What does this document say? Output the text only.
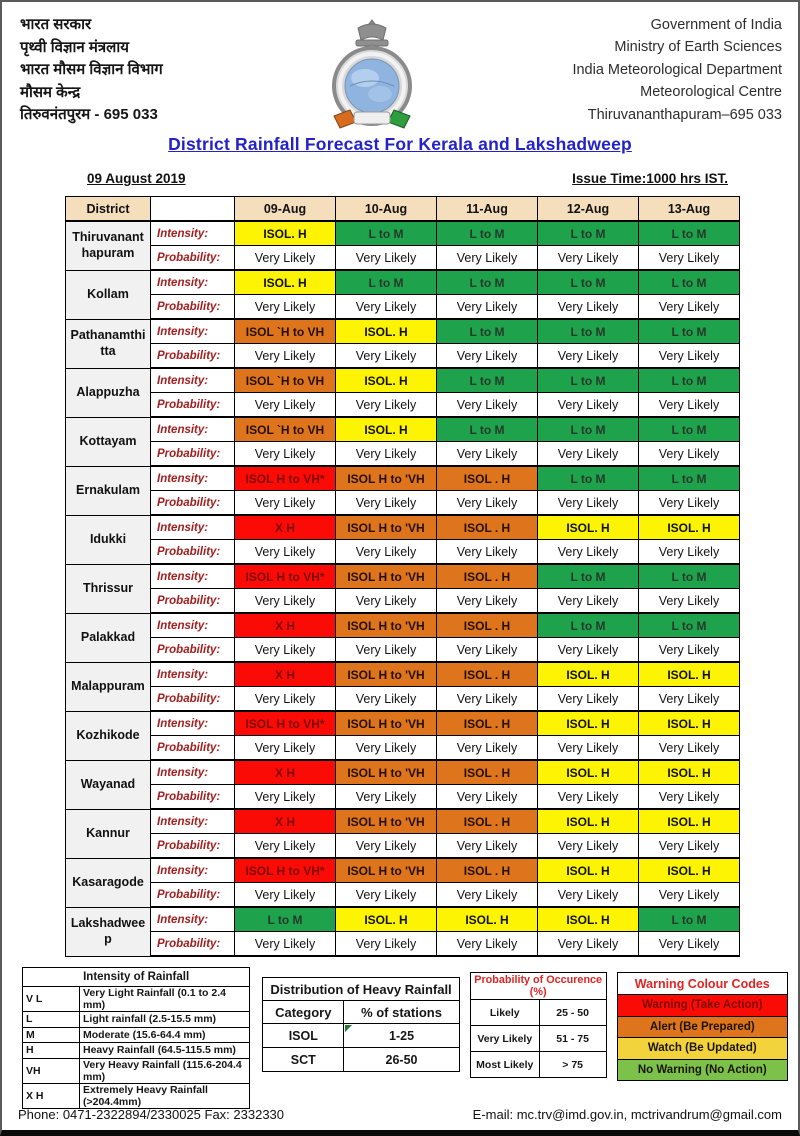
भारत सरकार
पृथ्वी विज्ञान मंत्रलाय
भारत मौसम विज्ञान विभाग
मौसम केन्द्र
तिरुवनंतपुरम - 695 033
Government of India
Ministry of Earth Sciences
India Meteorological Department
Meteorological Centre
Thiruvananthapuram–695 033
District Rainfall Forecast For Kerala and Lakshadweep
09 August 2019	Issue Time:1000 hrs IST.
District		09-Aug	10-Aug	11-Aug	12-Aug	13-Aug
Thiruvananthapuram	Intensity:	ISOL. H	L to M	L to M	L to M	L to M
	Probability:	Very Likely	Very Likely	Very Likely	Very Likely	Very Likely
Kollam	Intensity:	ISOL. H	L to M	L to M	L to M	L to M
	Probability:	Very Likely	Very Likely	Very Likely	Very Likely	Very Likely
Pathanamthitta	Intensity:	ISOL `H to VH	ISOL. H	L to M	L to M	L to M
	Probability:	Very Likely	Very Likely	Very Likely	Very Likely	Very Likely
Alappuzha	Intensity:	ISOL `H to VH	ISOL. H	L to M	L to M	L to M
	Probability:	Very Likely	Very Likely	Very Likely	Very Likely	Very Likely
Kottayam	Intensity:	ISOL `H to VH	ISOL. H	L to M	L to M	L to M
	Probability:	Very Likely	Very Likely	Very Likely	Very Likely	Very Likely
Ernakulam	Intensity:	ISOL H to VH*	ISOL H to 'VH	ISOL . H	L to M	L to M
	Probability:	Very Likely	Very Likely	Very Likely	Very Likely	Very Likely
Idukki	Intensity:	X H	ISOL H to 'VH	ISOL . H	ISOL. H	ISOL. H
	Probability:	Very Likely	Very Likely	Very Likely	Very Likely	Very Likely
Thrissur	Intensity:	ISOL H to VH*	ISOL H to 'VH	ISOL . H	L to M	L to M
	Probability:	Very Likely	Very Likely	Very Likely	Very Likely	Very Likely
Palakkad	Intensity:	X H	ISOL H to 'VH	ISOL . H	L to M	L to M
	Probability:	Very Likely	Very Likely	Very Likely	Very Likely	Very Likely
Malappuram	Intensity:	X H	ISOL H to 'VH	ISOL . H	ISOL. H	ISOL. H
	Probability:	Very Likely	Very Likely	Very Likely	Very Likely	Very Likely
Kozhikode	Intensity:	ISOL H to VH*	ISOL H to 'VH	ISOL . H	ISOL. H	ISOL. H
	Probability:	Very Likely	Very Likely	Very Likely	Very Likely	Very Likely
Wayanad	Intensity:	X H	ISOL H to 'VH	ISOL . H	ISOL. H	ISOL. H
	Probability:	Very Likely	Very Likely	Very Likely	Very Likely	Very Likely
Kannur	Intensity:	X H	ISOL H to 'VH	ISOL . H	ISOL. H	ISOL. H
	Probability:	Very Likely	Very Likely	Very Likely	Very Likely	Very Likely
Kasaragode	Intensity:	ISOL H to VH*	ISOL H to 'VH	ISOL . H	ISOL. H	ISOL. H
	Probability:	Very Likely	Very Likely	Very Likely	Very Likely	Very Likely
Lakshadweep	Intensity:	L to M	ISOL. H	ISOL. H	ISOL. H	L to M
	Probability:	Very Likely	Very Likely	Very Likely	Very Likely	Very Likely
Intensity of Rainfall	
V L	Very Light Rainfall (0.1 to 2.4 mm)
L	Light rainfall (2.5-15.5 mm)
M	Moderate (15.6-64.4 mm)
H	Heavy Rainfall (64.5-115.5 mm)
VH	Very Heavy Rainfall (115.6-204.4 mm)
X H	Extremely Heavy Rainfall (>204.4mm)
Distribution of Heavy Rainfall	
Category	% of stations
ISOL	1-25
SCT	26-50
Probability of Occurence (%)	
Likely	25 - 50
Very Likely	51 - 75
Most Likely	> 75
Warning Colour Codes
Warning (Take Action)
Alert (Be Prepared)
Watch (Be Updated)
No Warning (No Action)
Phone: 0471-2322894/2330025 Fax: 2332330	E-mail: mc.trv@imd.gov.in, mctrivandrum@gmail.com
